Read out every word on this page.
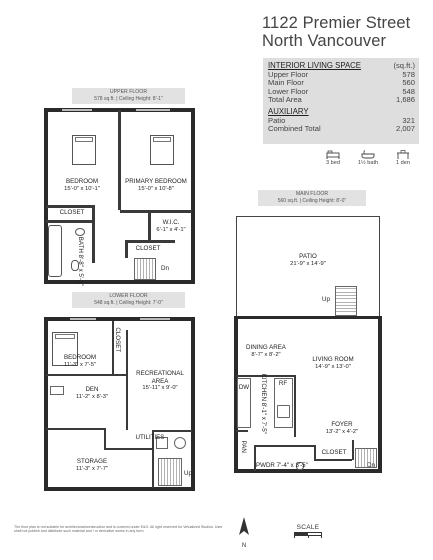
1122 Premier Street
North Vancouver
INTERIOR LIVING SPACE	(sq.ft.)
Upper Floor	578
Main Floor	560
Lower Floor	548
Total Area	1,686
AUXILIARY
Patio	321
Combined Total	2,007
3 bed	1½ bath	1 den
UPPER FLOOR
578 sq.ft. | Ceiling Height: 8'-1"
BEDROOM
15'-0" x 10'-1"
PRIMARY BEDROOM
15'-0" x 10'-8"
CLOSET
W.I.C.
6'-1" x 4'-1"
CLOSET
BATH 8'-8" x 5'-1"	Dn
MAIN FLOOR
560 sq.ft. | Ceiling Height: 8'-0"
PATIO
21'-9" x 14'-9"
DINING AREA
8'-7" x 8'-2"
LIVING ROOM
14'-9" x 13'-0"
DW
RF
KITCHEN 8'-1" x 7'-5"	FOYER
13'-2" x 4'-2"
CLOSET
PAN
PWDR 7'-4" x 3'-5"
Up
Dn
LOWER FLOOR
548 sq.ft. | Ceiling Height: 7'-0"
BEDROOM
11'-3" x 7'-5"
CLOSET
RECREATIONAL AREA
15'-11" x 9'-0"
DEN
11'-2" x 8'-3"
STORAGE
11'-3" x 7'-7"
UTILITIES
Up
The floor plan is not suitable for architectural/construction and is covered under E&O. All right reserved for Virtualized Studios. User shall not publish and distribute such material and / or derivative works in any form.
N
SCALE
